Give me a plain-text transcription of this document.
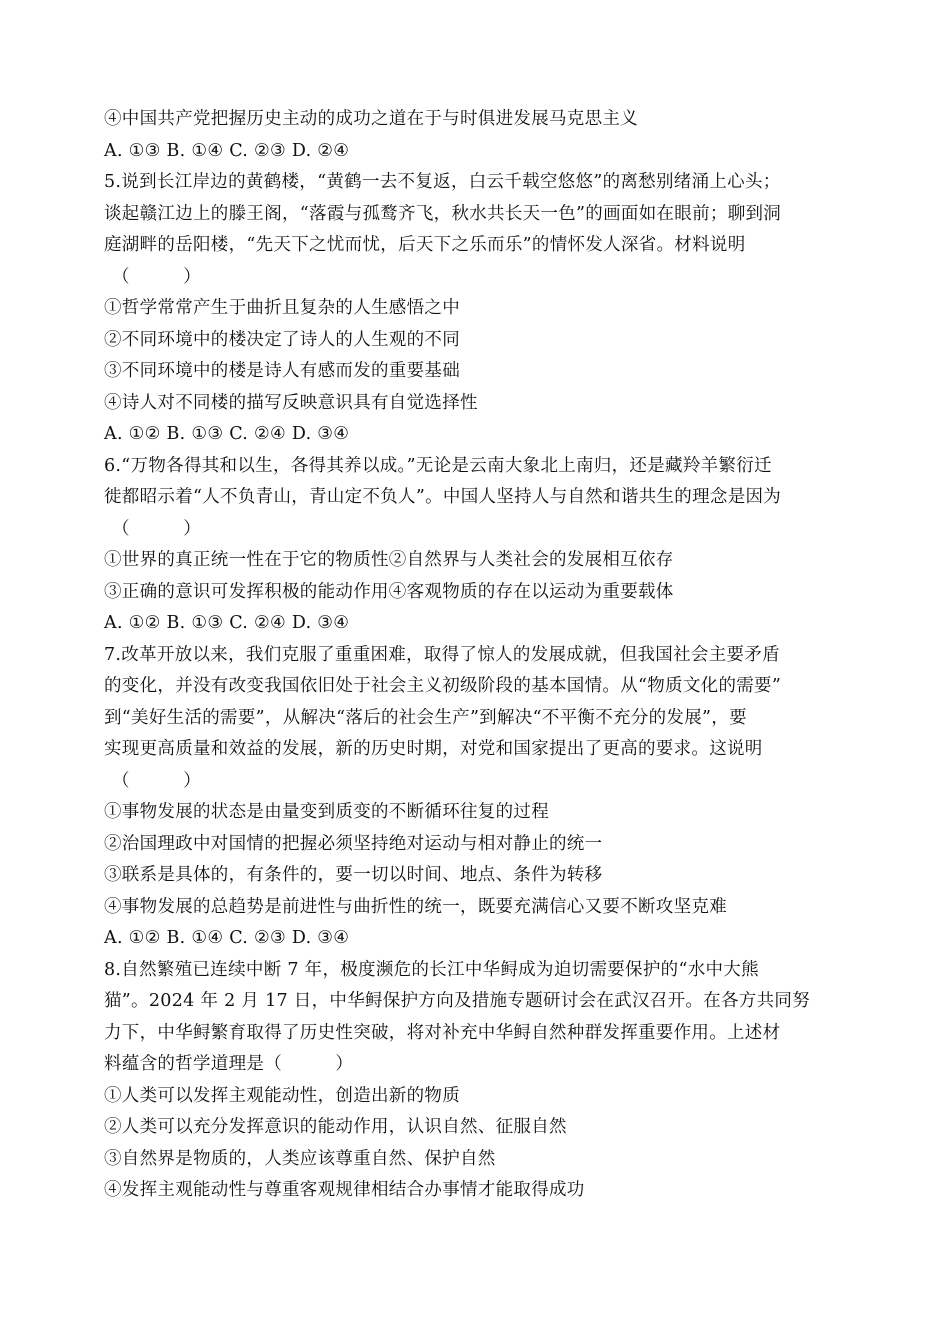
④中国共产党把握历史主动的成功之道在于与时俱进发展马克思主义
A. ①③ B. ①④ C. ②③ D. ②④
5.说到长江岸边的黄鹤楼，“黄鹤一去不复返，白云千载空悠悠”的离愁别绪涌上心头；
谈起赣江边上的滕王阁，“落霞与孤鹜齐飞，秋水共长天一色”的画面如在眼前；聊到洞
庭湖畔的岳阳楼，“先天下之忧而忧，后天下之乐而乐”的情怀发人深省。材料说明
（　　　）
①哲学常常产生于曲折且复杂的人生感悟之中
②不同环境中的楼决定了诗人的人生观的不同
③不同环境中的楼是诗人有感而发的重要基础
④诗人对不同楼的描写反映意识具有自觉选择性
A. ①② B. ①③ C. ②④ D. ③④
6.“万物各得其和以生，各得其养以成。”无论是云南大象北上南归，还是藏羚羊繁衍迁
徙都昭示着“人不负青山，青山定不负人”。中国人坚持人与自然和谐共生的理念是因为
（　　　）
①世界的真正统一性在于它的物质性②自然界与人类社会的发展相互依存
③正确的意识可发挥积极的能动作用④客观物质的存在以运动为重要载体
A. ①② B. ①③ C. ②④ D. ③④
7.改革开放以来，我们克服了重重困难，取得了惊人的发展成就，但我国社会主要矛盾
的变化，并没有改变我国依旧处于社会主义初级阶段的基本国情。从“物质文化的需要”
到“美好生活的需要”，从解决“落后的社会生产”到解决“不平衡不充分的发展”，要
实现更高质量和效益的发展，新的历史时期，对党和国家提出了更高的要求。这说明
（　　　）
①事物发展的状态是由量变到质变的不断循环往复的过程
②治国理政中对国情的把握必须坚持绝对运动与相对静止的统一
③联系是具体的，有条件的，要一切以时间、地点、条件为转移
④事物发展的总趋势是前进性与曲折性的统一，既要充满信心又要不断攻坚克难
A. ①② B. ①④ C. ②③ D. ③④
8.自然繁殖已连续中断 7 年，极度濒危的长江中华鲟成为迫切需要保护的“水中大熊
猫”。2024 年 2 月 17 日，中华鲟保护方向及措施专题研讨会在武汉召开。在各方共同努
力下，中华鲟繁育取得了历史性突破，将对补充中华鲟自然种群发挥重要作用。上述材
料蕴含的哲学道理是（　　　）
①人类可以发挥主观能动性，创造出新的物质
②人类可以充分发挥意识的能动作用，认识自然、征服自然
③自然界是物质的，人类应该尊重自然、保护自然
④发挥主观能动性与尊重客观规律相结合办事情才能取得成功
